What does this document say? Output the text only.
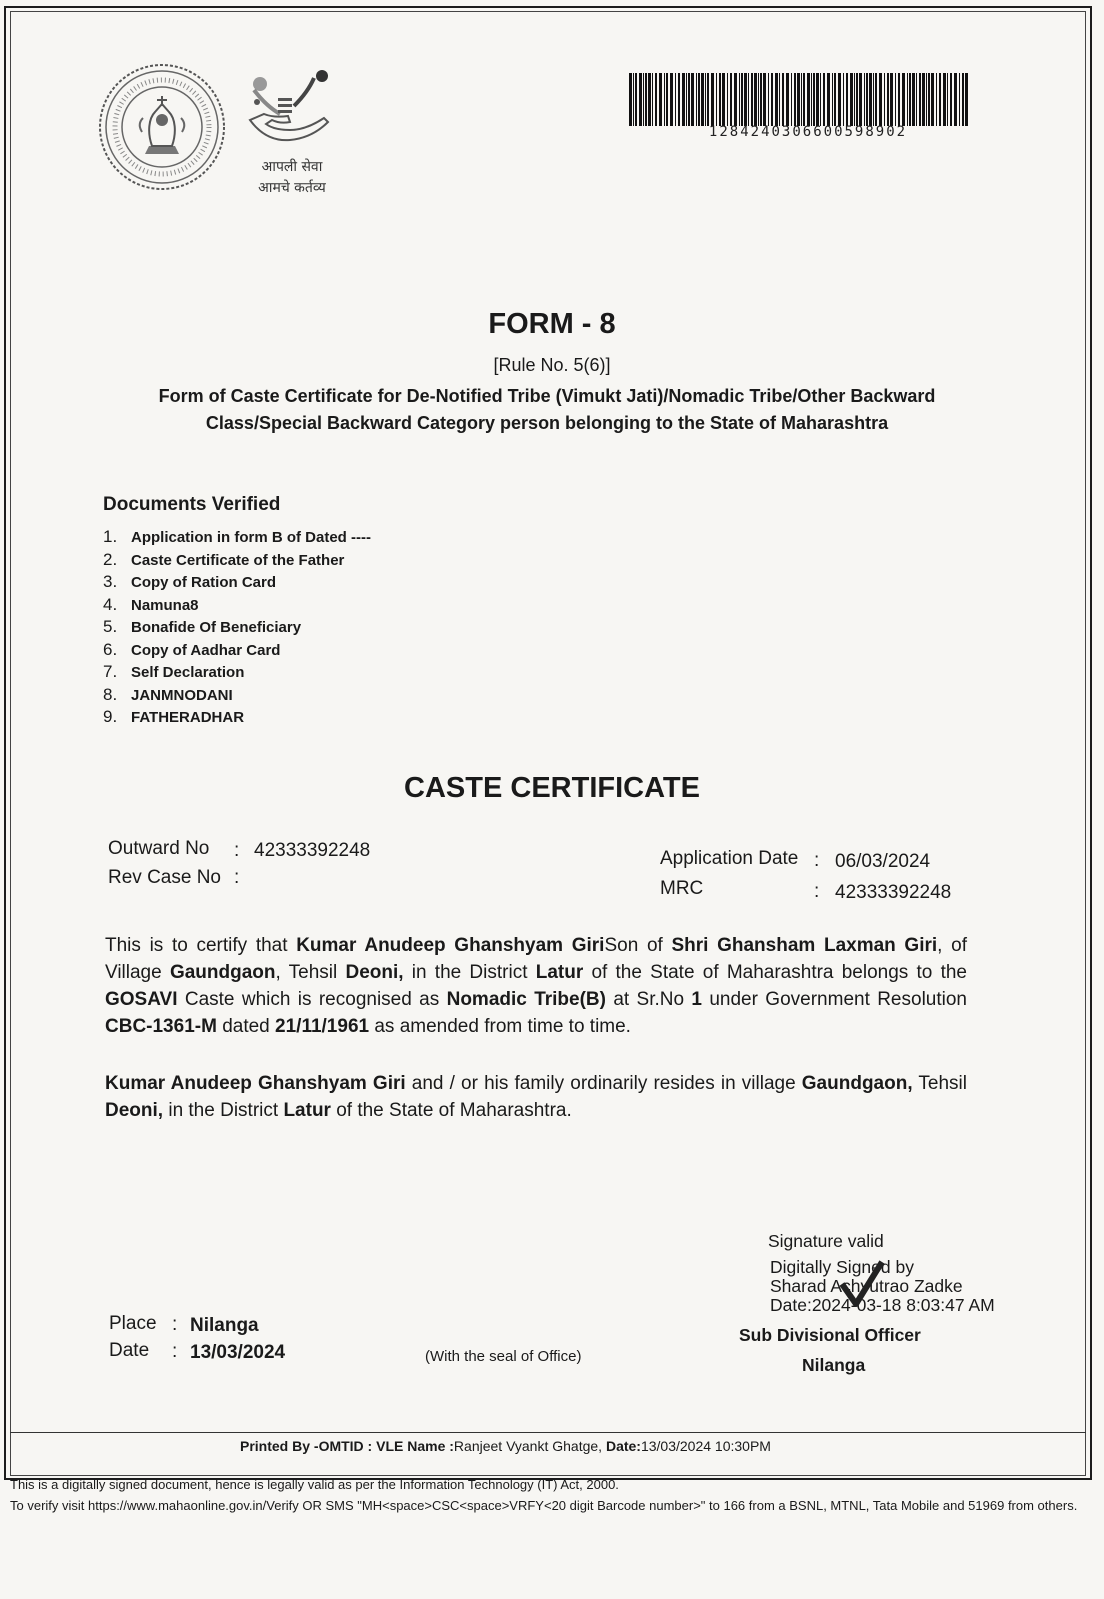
आपली सेवा
आमचे कर्तव्य
1284240306600598902
FORM - 8
[Rule No. 5(6)]
Form of Caste Certificate for De-Notified Tribe (Vimukt Jati)/Nomadic Tribe/Other Backward Class/Special Backward Category person belonging to the State of Maharashtra
Documents Verified
1. Application in form B of Dated ----
2. Caste Certificate of the Father
3. Copy of Ration Card
4. Namuna8
5. Bonafide Of Beneficiary
6. Copy of Aadhar Card
7. Self Declaration
8. JANMNODANI
9. FATHERADHAR
CASTE CERTIFICATE
Outward No : 42333392248
Rev Case No :
Application Date : 06/03/2024
MRC	: 42333392248
This is to certify that Kumar Anudeep Ghanshyam GiriSon of Shri Ghansham Laxman Giri, of Village Gaundgaon, Tehsil Deoni, in the District Latur of the State of Maharashtra belongs to the GOSAVI Caste which is recognised as Nomadic Tribe(B) at Sr.No 1 under Government Resolution CBC-1361-M dated 21/11/1961 as amended from time to time.
Kumar Anudeep Ghanshyam Giri and / or his family ordinarily resides in village Gaundgaon, Tehsil Deoni, in the District Latur of the State of Maharashtra.
Signature valid
Digitally Signed by
Sharad Achyutrao Zadke
Date:2024-03-18 8:03:47 AM
Sub Divisional Officer
Nilanga
Place : Nilanga
Date : 13/03/2024	(With the seal of Office)
Printed By -OMTID : VLE Name :Ranjeet Vyankt Ghatge, Date:13/03/2024 10:30PM
This is a digitally signed document, hence is legally valid as per the Information Technology (IT) Act, 2000.
To verify visit https://www.mahaonline.gov.in/Verify OR SMS "MH<space>CSC<space>VRFY<20 digit Barcode number>" to 166 from a BSNL, MTNL, Tata Mobile and 51969 from others.
